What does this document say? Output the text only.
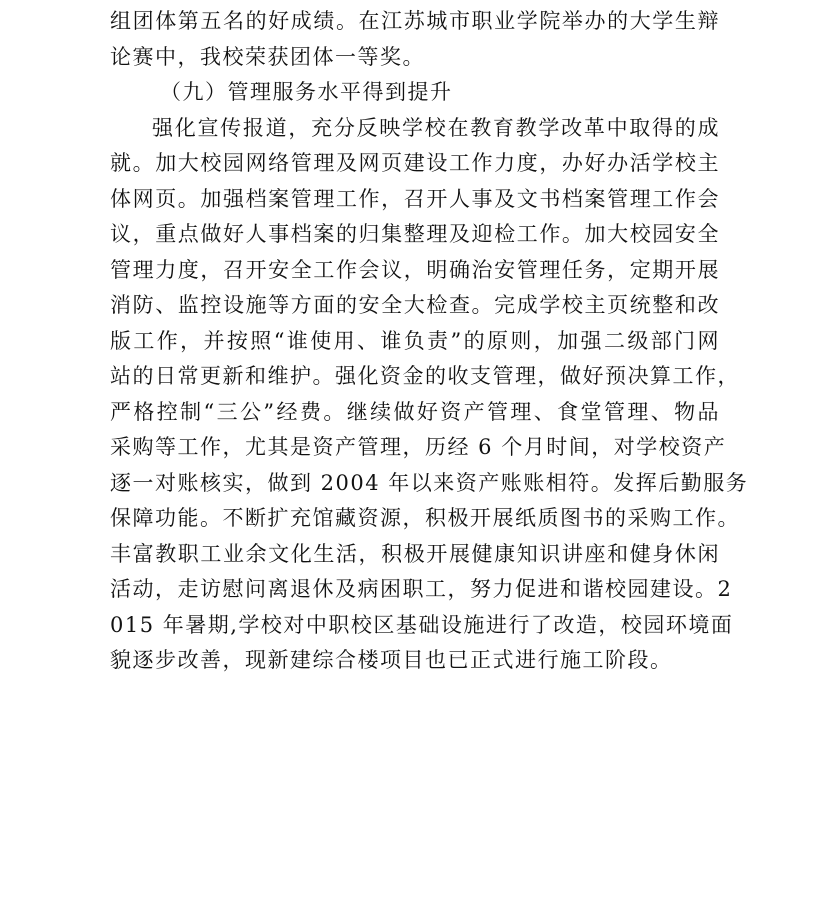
组团体第五名的好成绩。在江苏城市职业学院举办的大学生辩
论赛中，我校荣获团体一等奖。
（九）管理服务水平得到提升
强化宣传报道，充分反映学校在教育教学改革中取得的成
就。加大校园网络管理及网页建设工作力度，办好办活学校主
体网页。加强档案管理工作，召开人事及文书档案管理工作会
议，重点做好人事档案的归集整理及迎检工作。加大校园安全
管理力度，召开安全工作会议，明确治安管理任务，定期开展
消防、监控设施等方面的安全大检查。完成学校主页统整和改
版工作，并按照“谁使用、谁负责”的原则，加强二级部门网
站的日常更新和维护。强化资金的收支管理，做好预决算工作，
严格控制“三公”经费。继续做好资产管理、食堂管理、物品
采购等工作，尤其是资产管理，历经 6 个月时间，对学校资产
逐一对账核实，做到 2004 年以来资产账账相符。发挥后勤服务
保障功能。不断扩充馆藏资源，积极开展纸质图书的采购工作。
丰富教职工业余文化生活，积极开展健康知识讲座和健身休闲
活动，走访慰问离退休及病困职工，努力促进和谐校园建设。2
015 年暑期,学校对中职校区基础设施进行了改造，校园环境面
貌逐步改善，现新建综合楼项目也已正式进行施工阶段。
